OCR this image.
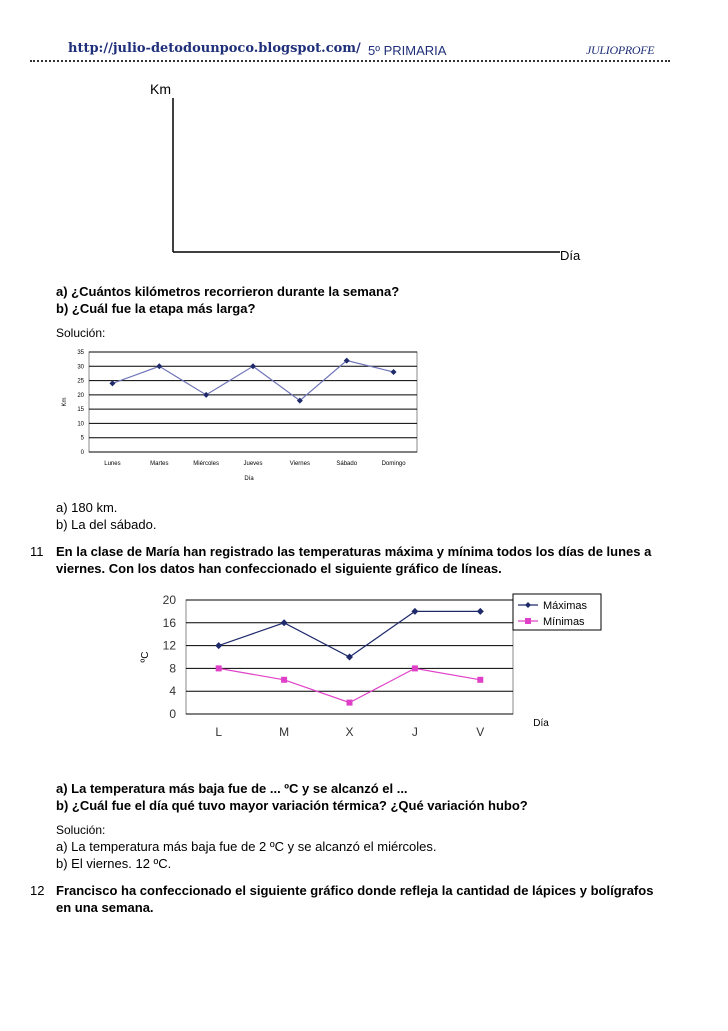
http://julio-detodounpoco.blogspot.com/ 5º PRIMARIA	JULIOPROFE
Km
Día
a) ¿Cuántos kilómetros recorrieron durante la semana?
b) ¿Cuál fue la etapa más larga?
Solución:
0
5
10
15
20
25
30
35
Lunes	Martes	Miércoles	Jueves	Viernes	Sábado	Domingo
Día
Km
a) 180 km.
b) La del sábado.
11 En la clase de María han registrado las temperaturas máxima y mínima todos los días de lunes a
viernes. Con los datos han confeccionado el siguiente gráfico de líneas.
0
4
8
12
16
20
L	M	X	J	V
Día
ºC
Máximas
Mínimas
a) La temperatura más baja fue de ... ºC y se alcanzó el ...
b) ¿Cuál fue el día qué tuvo mayor variación térmica? ¿Qué variación hubo?
Solución:
a) La temperatura más baja fue de 2 ºC y se alcanzó el miércoles.
b) El viernes. 12 ºC.
12 Francisco ha confeccionado el siguiente gráfico donde refleja la cantidad de lápices y bolígrafos
en una semana.
